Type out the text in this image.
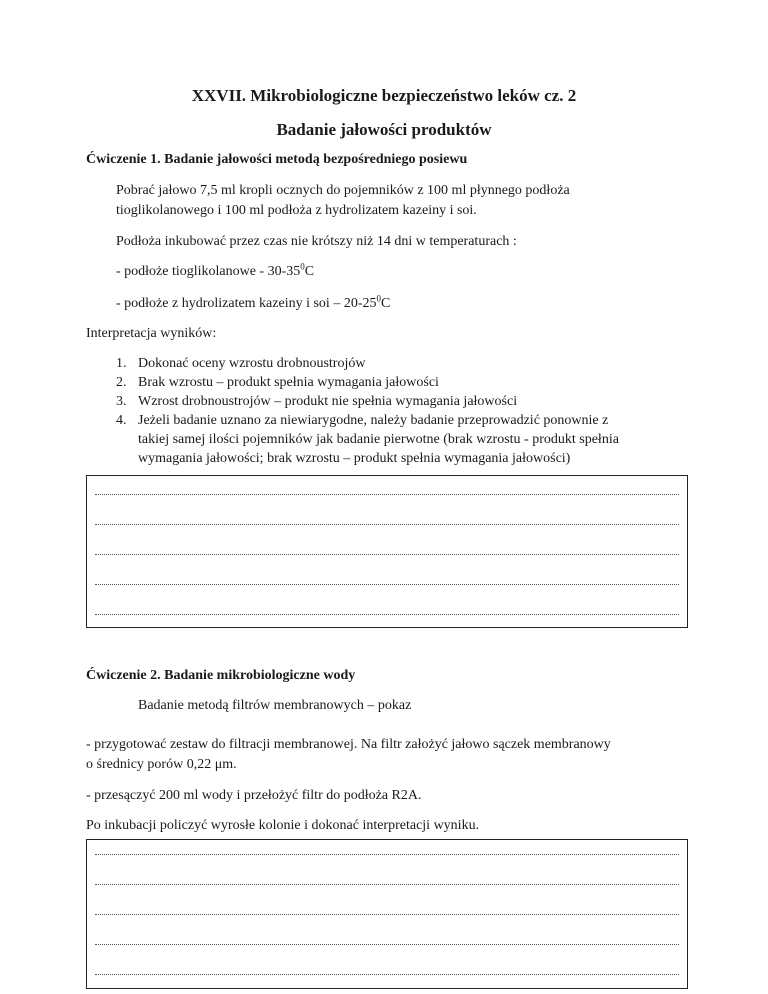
XXVII. Mikrobiologiczne bezpieczeństwo leków cz. 2
Badanie jałowości produktów
Ćwiczenie 1. Badanie jałowości metodą bezpośredniego posiewu
Pobrać jałowo 7,5 ml kropli ocznych do pojemników z 100 ml płynnego podłoża
tioglikolanowego i 100 ml podłoża z hydrolizatem kazeiny i soi.
Podłoża inkubować przez czas nie krótszy niż 14 dni w temperaturach :
- podłoże tioglikolanowe - $30-35^0C$
- podłoże z hydrolizatem kazeiny i soi – $20-25^0C$
Interpretacja wyników:
1. Dokonać oceny wzrostu drobnoustrojów
2. Brak wzrostu – produkt spełnia wymagania jałowości
3. Wzrost drobnoustrojów – produkt nie spełnia wymagania jałowości
4. Jeżeli badanie uznano za niewiarygodne, należy badanie przeprowadzić ponownie z
takiej samej ilości pojemników jak badanie pierwotne (brak wzrostu - produkt spełnia
wymagania jałowości; brak wzrostu – produkt spełnia wymagania jałowości)
Ćwiczenie 2. Badanie mikrobiologiczne wody
Badanie metodą filtrów membranowych – pokaz
- przygotować zestaw do filtracji membranowej. Na filtr założyć jałowo sączek membranowy
o średnicy porów 0,22 μm.
- przesączyć 200 ml wody i przełożyć filtr do podłoża R2A.
Po inkubacji policzyć wyrosłe kolonie i dokonać interpretacji wyniku.
